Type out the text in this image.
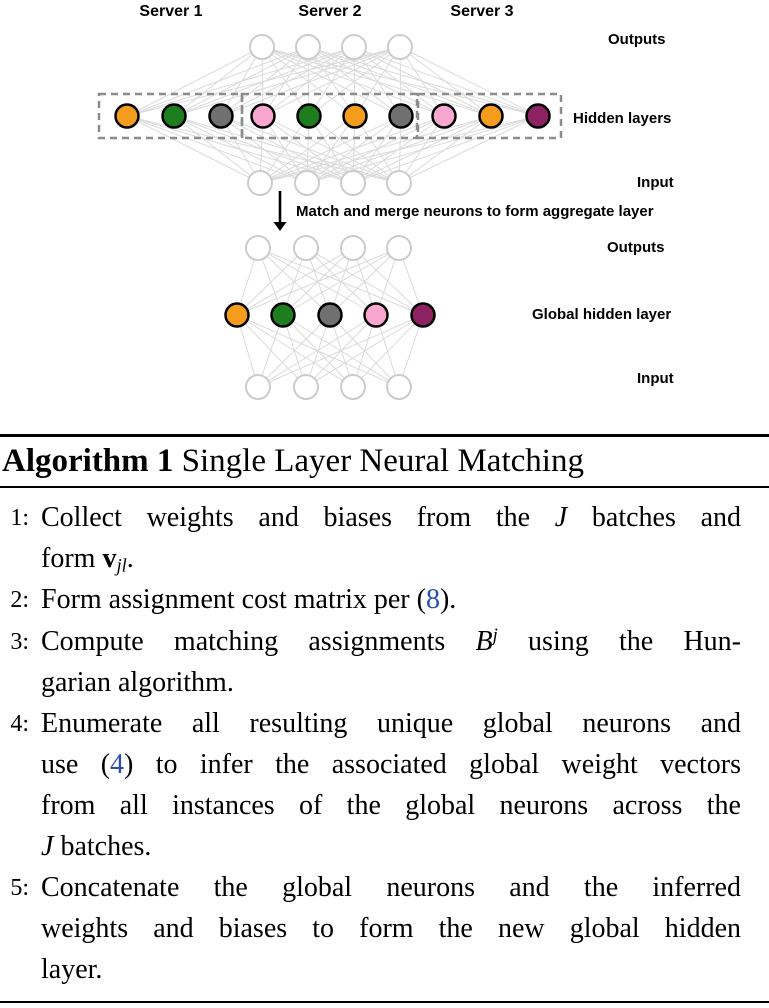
Match and merge neurons to form aggregate layer
Server 1	Server 2	Server 3
Outputs
Hidden layers
Input
Outputs
Global hidden layer
Input
Algorithm 1 Single Layer Neural Matching
1: Collect weights and biases from the J batches and
form $v_{jl}$.
2: Form assignment cost matrix per (8).
3: Compute matching assignments $B^j$ using the Hun-
garian algorithm.
4: Enumerate all resulting unique global neurons and
use (4) to infer the associated global weight vectors
from all instances of the global neurons across the
J batches.
5: Concatenate the global neurons and the inferred
weights and biases to form the new global hidden
layer.
